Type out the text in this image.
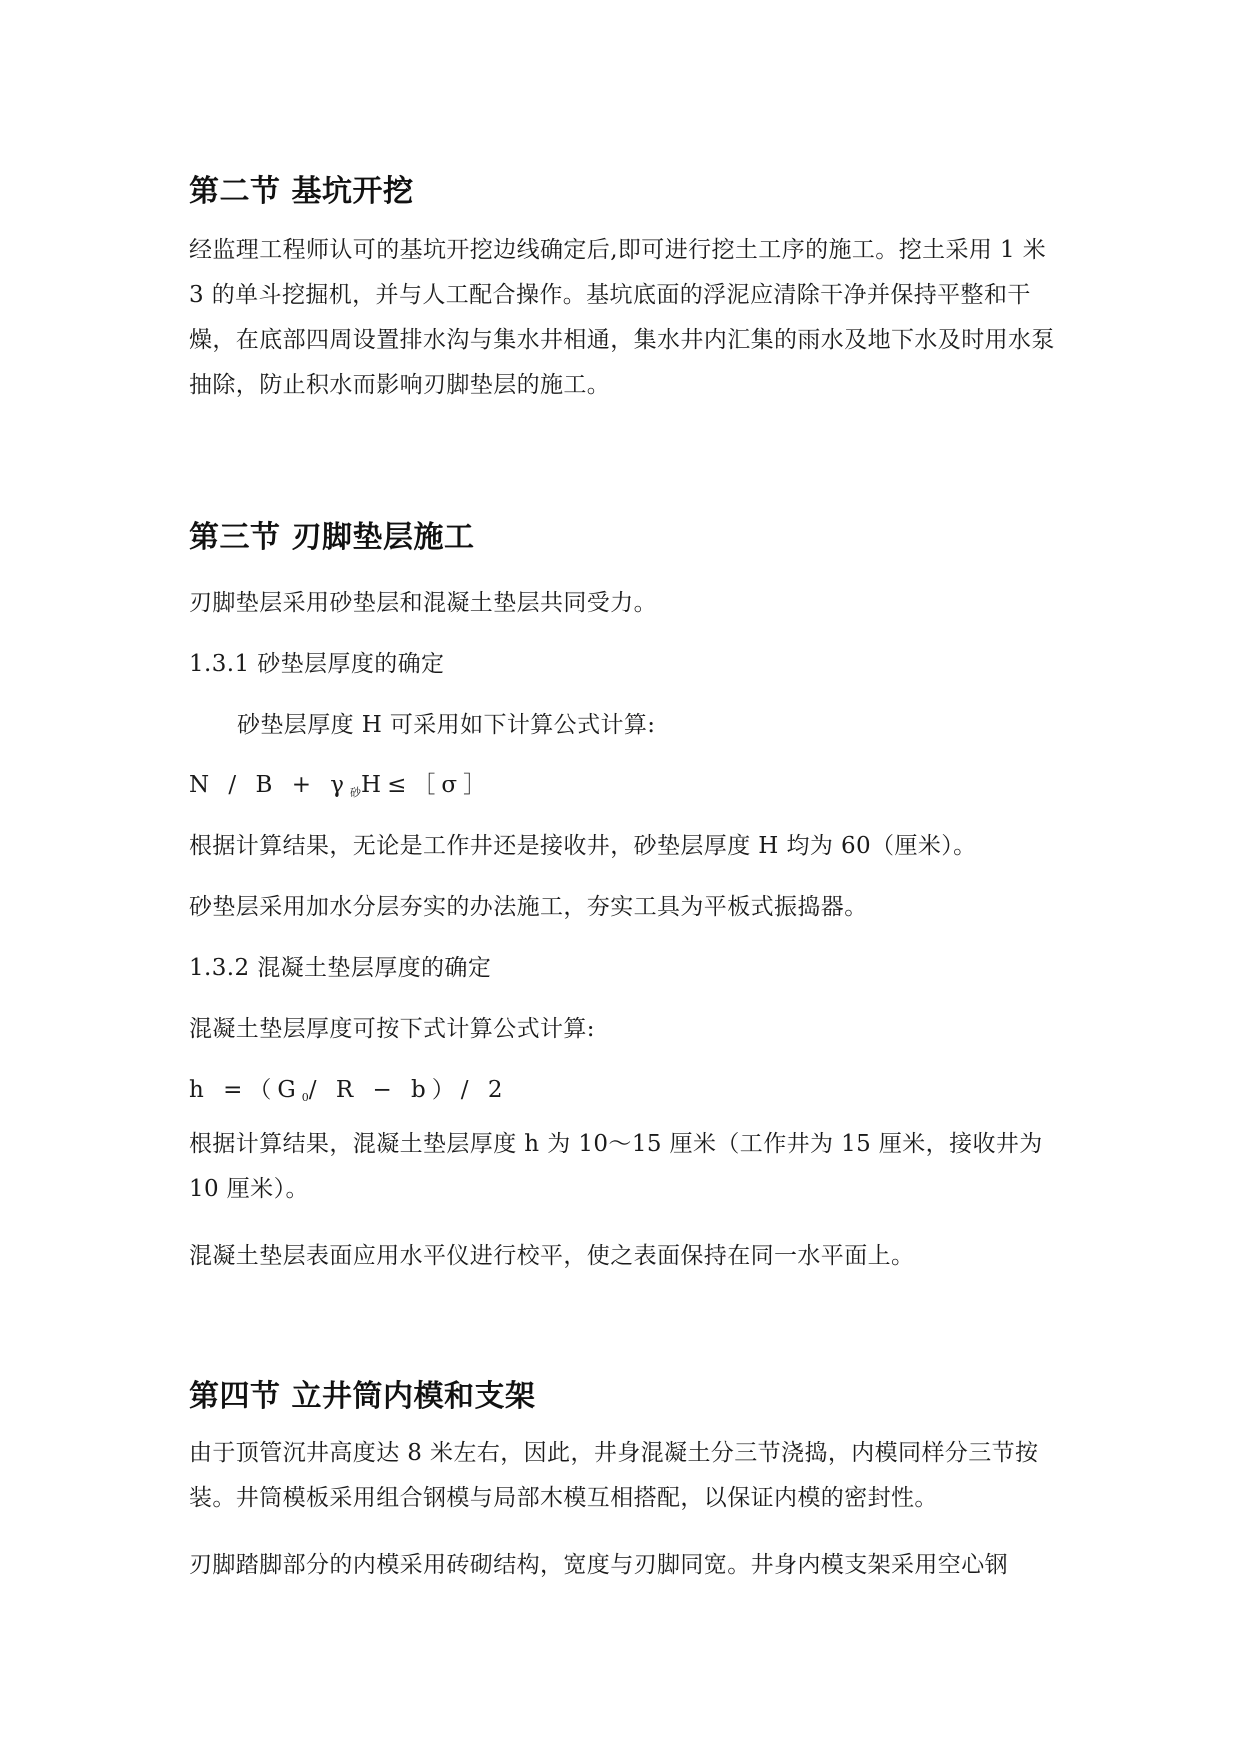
第二节 基坑开挖

经监理工程师认可的基坑开挖边线确定后,即可进行挖土工序的施工。挖土采用 1 米 3 的单斗挖掘机，并与人工配合操作。基坑底面的浮泥应清除干净并保持平整和干燥，在底部四周设置排水沟与集水井相通，集水井内汇集的雨水及地下水及时用水泵抽除，防止积水而影响刃脚垫层的施工。

第三节 刃脚垫层施工

刃脚垫层采用砂垫层和混凝土垫层共同受力。

1.3.1 砂垫层厚度的确定

砂垫层厚度 H 可采用如下计算公式计算:

$N / B + \gamma_砂H\le[\sigma]$

根据计算结果，无论是工作井还是接收井，砂垫层厚度 H 均为 60（厘米）。

砂垫层采用加水分层夯实的办法施工，夯实工具为平板式振捣器。

1.3.2 混凝土垫层厚度的确定

混凝土垫层厚度可按下式计算公式计算:

$h =(G_0/$ R − b）/ 2

根据计算结果，混凝土垫层厚度 h 为 10～15 厘米（工作井为 15 厘米，接收井为 10 厘米）。

混凝土垫层表面应用水平仪进行校平，使之表面保持在同一水平面上。

第四节 立井筒内模和支架

由于顶管沉井高度达 8 米左右，因此，井身混凝土分三节浇捣，内模同样分三节按装。井筒模板采用组合钢模与局部木模互相搭配，以保证内模的密封性。

刃脚踏脚部分的内模采用砖砌结构，宽度与刃脚同宽。井身内模支架采用空心钢
